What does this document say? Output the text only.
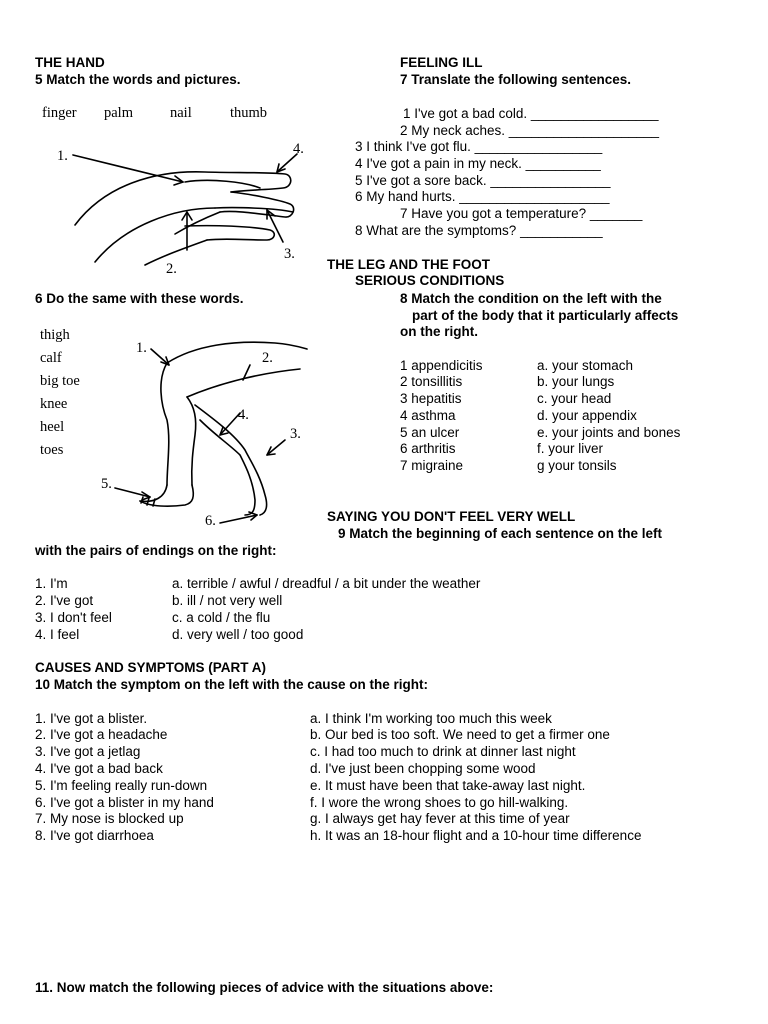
THE HAND
5 Match the words and pictures.
finger palm	nail	thumb
1.
2.
3.
4.
6 Do the same with these words.
thigh
calf
big toe
knee
heel
toes
1.
2.
3.
4.
5.
6.
FEELING ILL
7 Translate the following sentences.
1 I've got a bad cold. _________________
2 My neck aches. ____________________
3 I think I've got flu. _________________
4 I've got a pain in my neck. __________
5 I've got a sore back. ________________
6 My hand hurts. ____________________
7 Have you got a temperature? _______
8 What are the symptoms? ___________
THE LEG AND THE FOOT
SERIOUS CONDITIONS
8 Match the condition on the left with the
part of the body that it particularly affects
on the right.
1 appendicitis
2 tonsillitis
3 hepatitis
4 asthma
5 an ulcer
6 arthritis
7 migraine
a. your stomach
b. your lungs
c. your head
d. your appendix
e. your joints and bones
f. your liver
g your tonsils
SAYING YOU DON'T FEEL VERY WELL
9 Match the beginning of each sentence on the left
with the pairs of endings on the right:
1. I'm
2. I've got
3. I don't feel
4. I feel
a. terrible / awful / dreadful / a bit under the weather
b. ill / not very well
c. a cold / the flu
d. very well / too good
CAUSES AND SYMPTOMS (PART A)
10 Match the symptom on the left with the cause on the right:
1. I've got a blister.
2. I've got a headache
3. I've got a jetlag
4. I've got a bad back
5. I'm feeling really run-down
6. I've got a blister in my hand
7. My nose is blocked up
8. I've got diarrhoea
a. I think I'm working too much this week
b. Our bed is too soft. We need to get a firmer one
c. I had too much to drink at dinner last night
d. I've just been chopping some wood
e. It must have been that take-away last night.
f. I wore the wrong shoes to go hill-walking.
g. I always get hay fever at this time of year
h. It was an 18-hour flight and a 10-hour time difference
11. Now match the following pieces of advice with the situations above:
